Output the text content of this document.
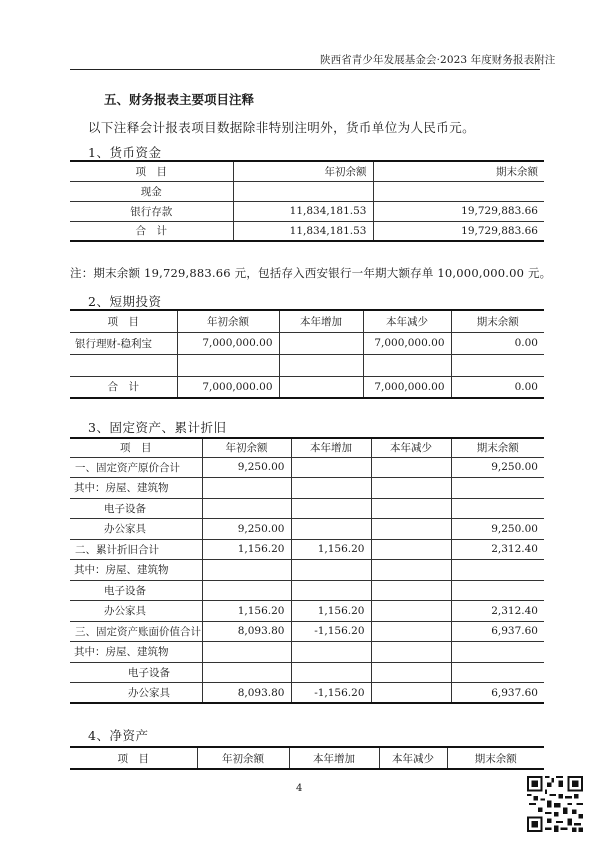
陕西省青少年发展基金会·2023 年度财务报表附注
五、财务报表主要项目注释
以下注释会计报表项目数据除非特别注明外，货币单位为人民币元。
1、货币资金
项　目	年初余额	期末余额
现金		
银行存款	11,834,181.53	19,729,883.66
合　计	11,834,181.53	19,729,883.66
注：期末余额 19,729,883.66 元，包括存入西安银行一年期大额存单 10,000,000.00 元。
2、短期投资
项　目	年初余额	本年增加	本年减少	期末余额
银行理财-稳利宝	7,000,000.00		7,000,000.00	0.00

合　计	7,000,000.00		7,000,000.00	0.00
3、固定资产、累计折旧
项　目	年初余额	本年增加	本年减少	期末余额
一、固定资产原价合计	9,250.00			9,250.00
其中：房屋、建筑物				
电子设备				
办公家具	9,250.00			9,250.00
二、累计折旧合计	1,156.20	1,156.20		2,312.40
其中：房屋、建筑物				
电子设备				
办公家具	1,156.20	1,156.20		2,312.40
三、固定资产账面价值合计	8,093.80	-1,156.20		6,937.60
其中：房屋、建筑物				
电子设备				
办公家具	8,093.80	-1,156.20		6,937.60
4、净资产
项　目	年初余额	本年增加	本年减少	期末余额
4
